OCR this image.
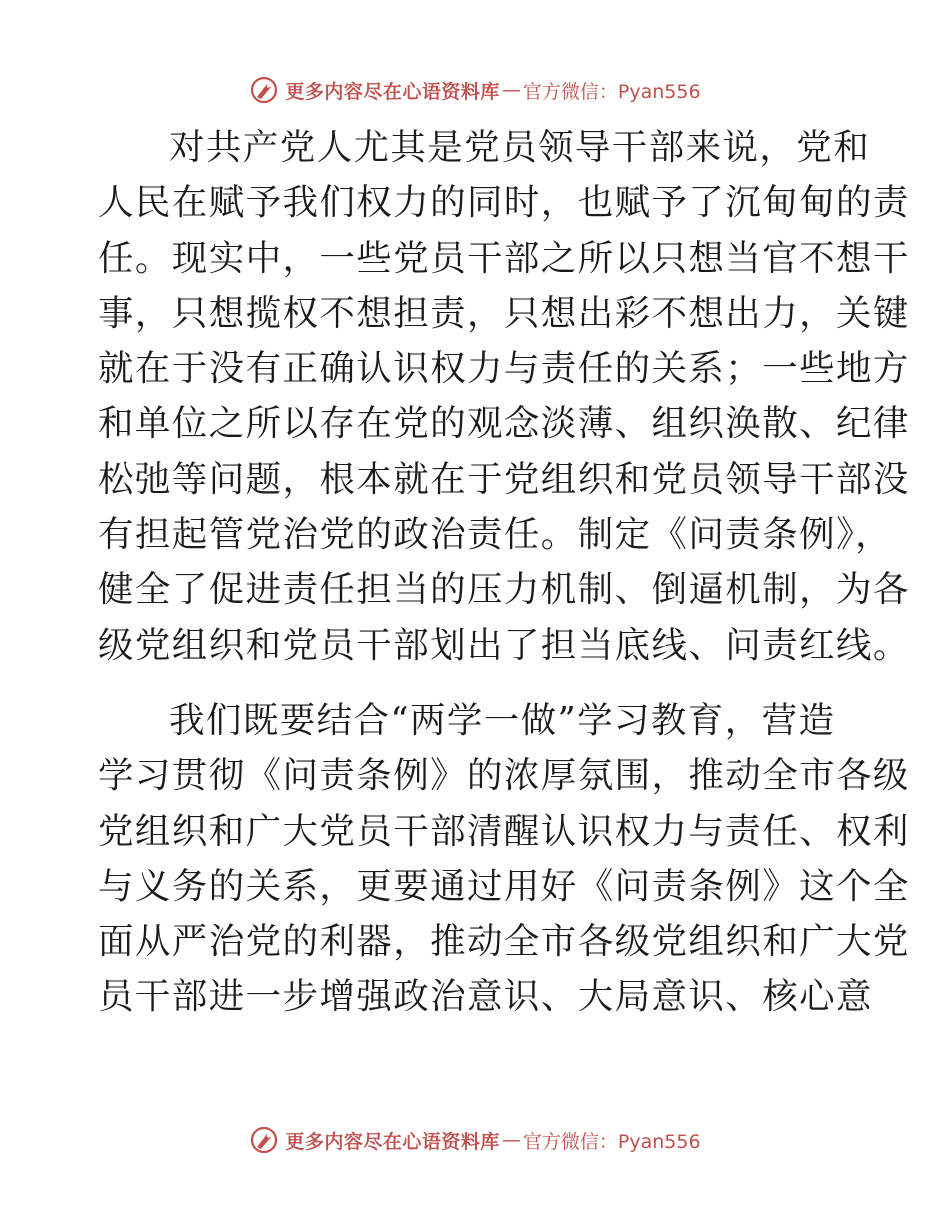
更多内容尽在心语资料库 — 官方微信：Pyan556

对共产党人尤其是党员领导干部来说，党和
人民在赋予我们权力的同时，也赋予了沉甸甸的责
任。现实中，一些党员干部之所以只想当官不想干
事，只想揽权不想担责，只想出彩不想出力，关键
就在于没有正确认识权力与责任的关系；一些地方
和单位之所以存在党的观念淡薄、组织涣散、纪律
松弛等问题，根本就在于党组织和党员领导干部没
有担起管党治党的政治责任。制定《问责条例》，
健全了促进责任担当的压力机制、倒逼机制，为各
级党组织和党员干部划出了担当底线、问责红线。

我们既要结合“两学一做”学习教育，营造
学习贯彻《问责条例》的浓厚氛围，推动全市各级
党组织和广大党员干部清醒认识权力与责任、权利
与义务的关系，更要通过用好《问责条例》这个全
面从严治党的利器，推动全市各级党组织和广大党
员干部进一步增强政治意识、大局意识、核心意

更多内容尽在心语资料库 — 官方微信：Pyan556
